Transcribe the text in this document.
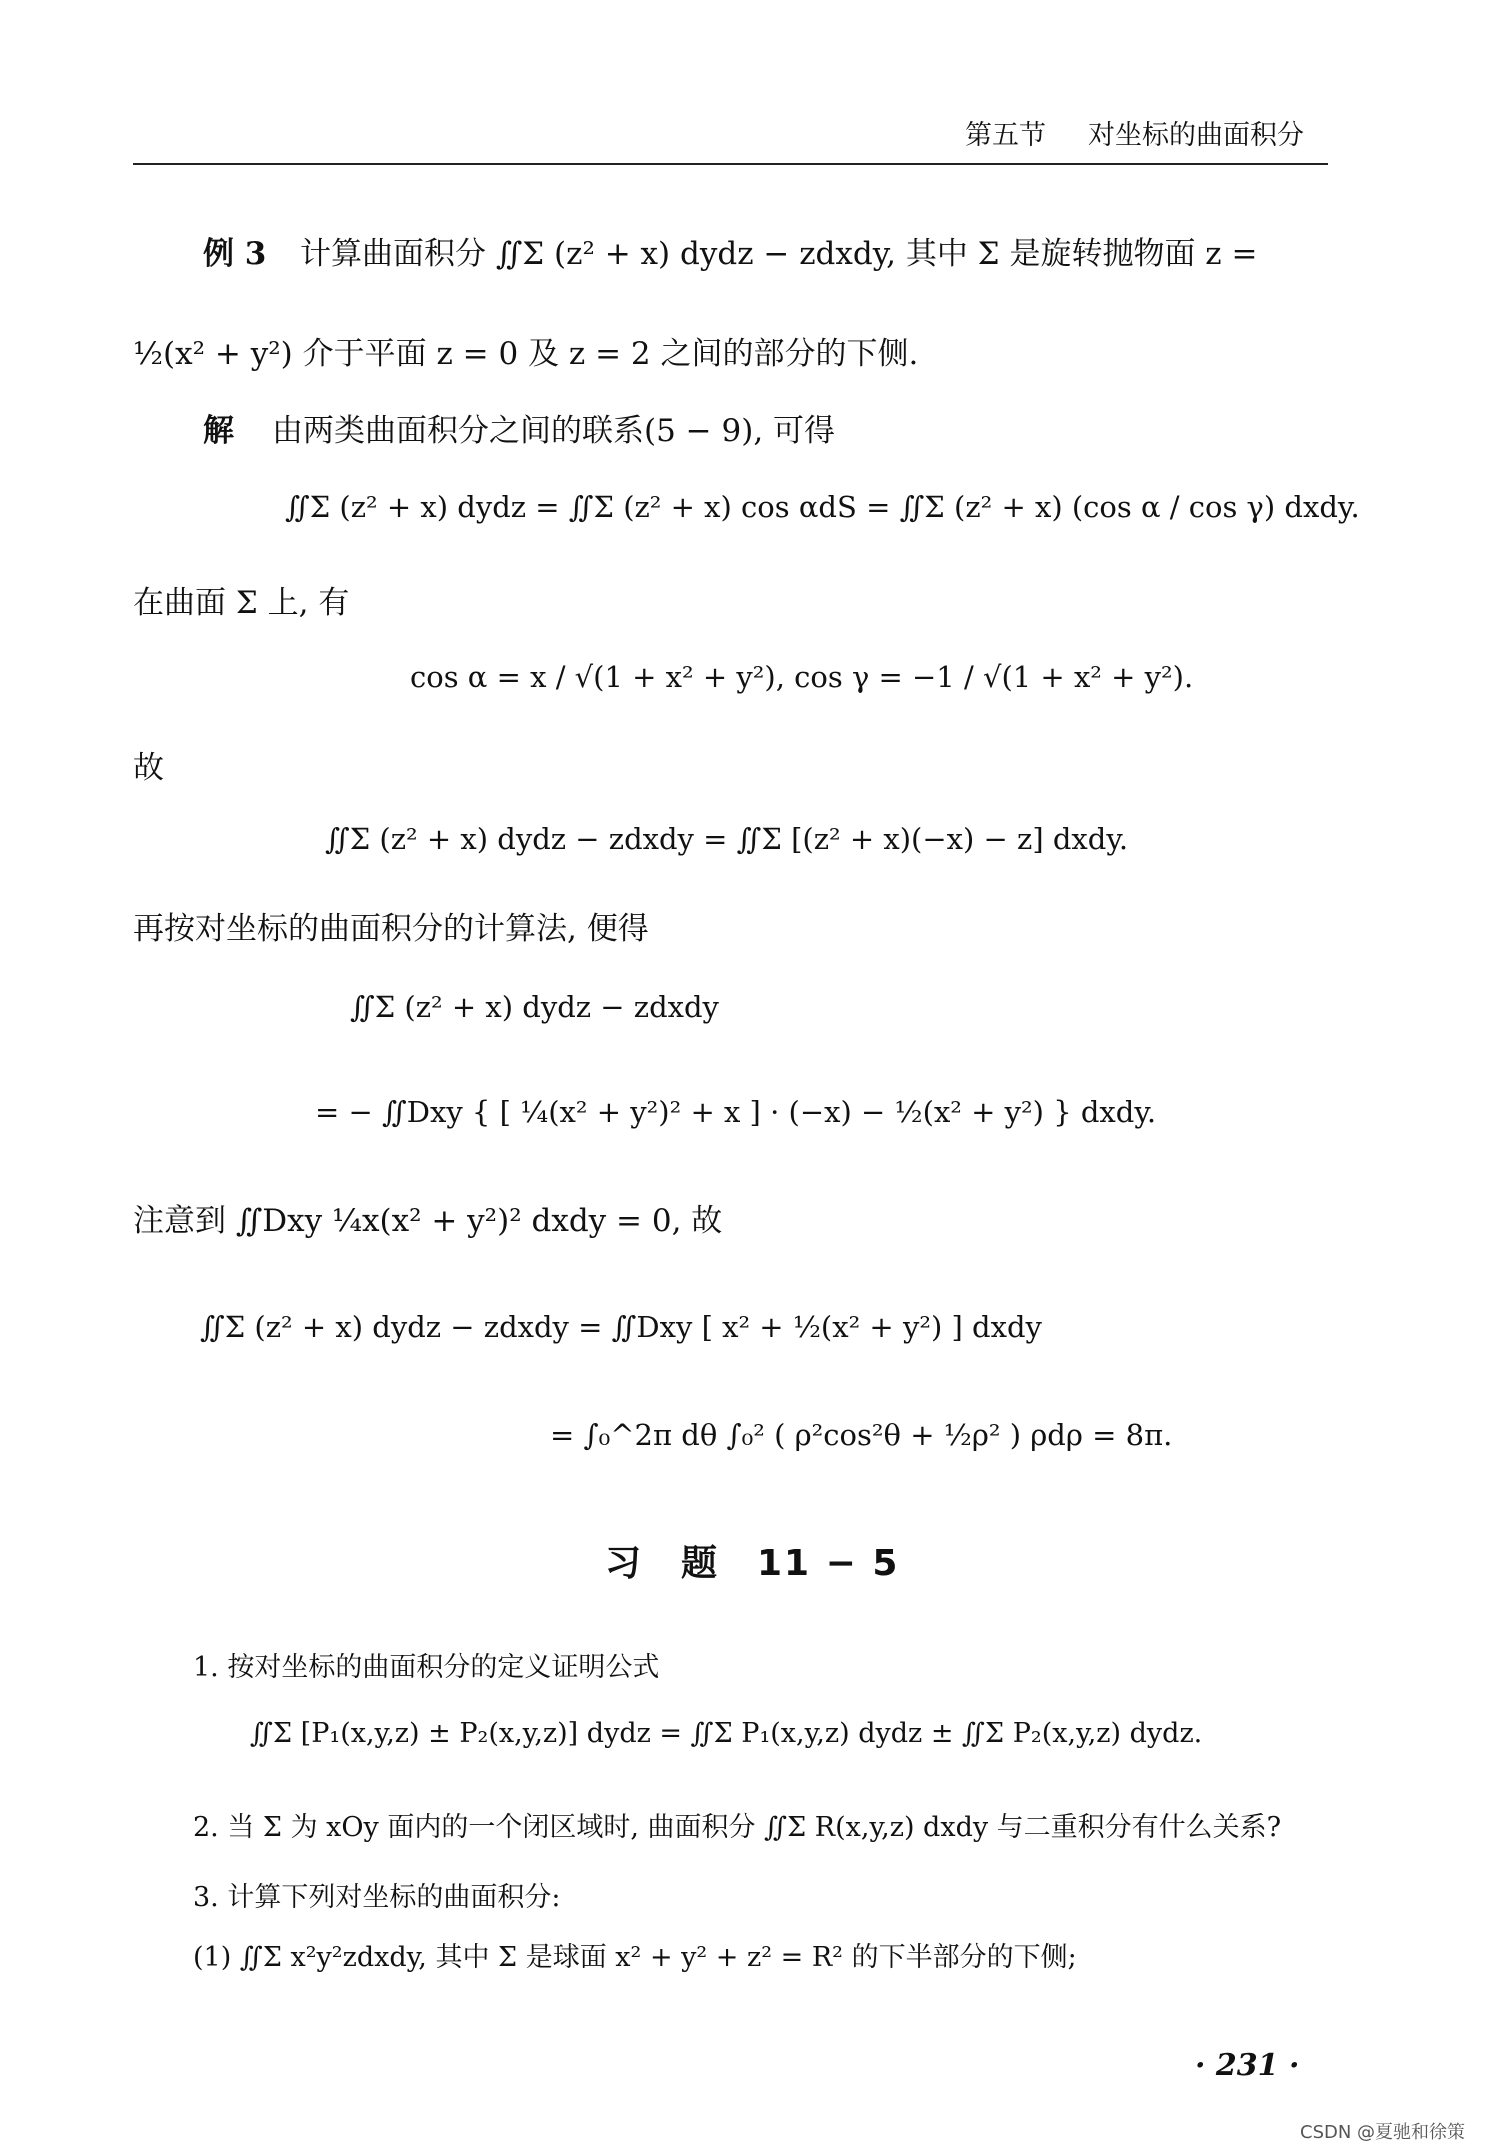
第五节 对坐标的曲面积分
例 3 计算曲面积分 ∬Σ (z² + x) dydz − zdxdy, 其中 Σ 是旋转抛物面 z =
½(x² + y²) 介于平面 z = 0 及 z = 2 之间的部分的下侧.
解 由两类曲面积分之间的联系(5 − 9), 可得
∬Σ (z² + x) dydz = ∬Σ (z² + x) cos αdS = ∬Σ (z² + x) (cos α / cos γ) dxdy.
在曲面 Σ 上, 有
cos α = x / √(1 + x² + y²), cos γ = −1 / √(1 + x² + y²).
故
∬Σ (z² + x) dydz − zdxdy = ∬Σ [(z² + x)(−x) − z] dxdy.
再按对坐标的曲面积分的计算法, 便得
∬Σ (z² + x) dydz − zdxdy
= − ∬Dxy { [ ¼(x² + y²)² + x ] · (−x) − ½(x² + y²) } dxdy.
注意到 ∬Dxy ¼x(x² + y²)² dxdy = 0, 故
∬Σ (z² + x) dydz − zdxdy = ∬Dxy [ x² + ½(x² + y²) ] dxdy
= ∫₀^2π dθ ∫₀² ( ρ²cos²θ + ½ρ² ) ρdρ = 8π.
习　题　11 − 5
1. 按对坐标的曲面积分的定义证明公式
∬Σ [P₁(x,y,z) ± P₂(x,y,z)] dydz = ∬Σ P₁(x,y,z) dydz ± ∬Σ P₂(x,y,z) dydz.
2. 当 Σ 为 xOy 面内的一个闭区域时, 曲面积分 ∬Σ R(x,y,z) dxdy 与二重积分有什么关系?
3. 计算下列对坐标的曲面积分:
(1) ∬Σ x²y²zdxdy, 其中 Σ 是球面 x² + y² + z² = R² 的下半部分的下侧;
· 231 ·
CSDN @夏驰和徐策
